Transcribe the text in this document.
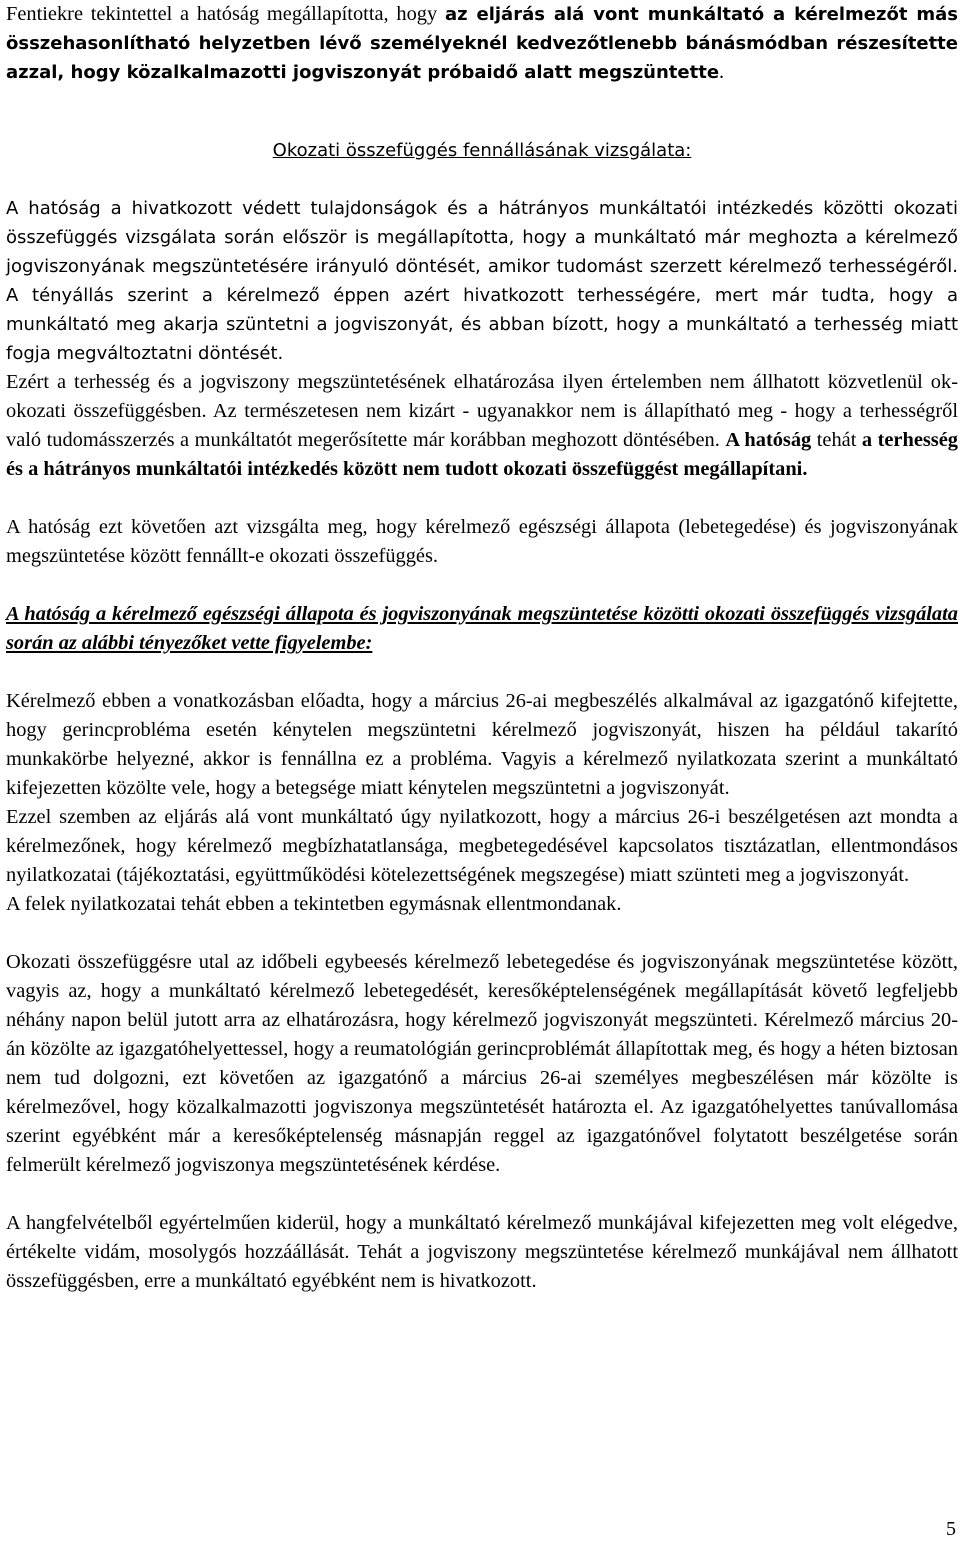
Fentiekre tekintettel a hatóság megállapította, hogy az eljárás alá vont munkáltató a kérelmezőt más összehasonlítható helyzetben lévő személyeknél kedvezőtlenebb bánásmódban részesítette azzal, hogy közalkalmazotti jogviszonyát próbaidő alatt megszüntette.

Okozati összefüggés fennállásának vizsgálata:

A hatóság a hivatkozott védett tulajdonságok és a hátrányos munkáltatói intézkedés közötti okozati összefüggés vizsgálata során először is megállapította, hogy a munkáltató már meghozta a kérelmező jogviszonyának megszüntetésére irányuló döntését, amikor tudomást szerzett kérelmező terhességéről. A tényállás szerint a kérelmező éppen azért hivatkozott terhességére, mert már tudta, hogy a munkáltató meg akarja szüntetni a jogviszonyát, és abban bízott, hogy a munkáltató a terhesség miatt fogja megváltoztatni döntését.

Ezért a terhesség és a jogviszony megszüntetésének elhatározása ilyen értelemben nem állhatott közvetlenül ok-okozati összefüggésben. Az természetesen nem kizárt - ugyanakkor nem is állapítható meg - hogy a terhességről való tudomásszerzés a munkáltatót megerősítette már korábban meghozott döntésében. A hatóság tehát a terhesség és a hátrányos munkáltatói intézkedés között nem tudott okozati összefüggést megállapítani.

A hatóság ezt követően azt vizsgálta meg, hogy kérelmező egészségi állapota (lebetegedése) és jogviszonyának megszüntetése között fennállt-e okozati összefüggés.

A hatóság a kérelmező egészségi állapota és jogviszonyának megszüntetése közötti okozati összefüggés vizsgálata során az alábbi tényezőket vette figyelembe:

Kérelmező ebben a vonatkozásban előadta, hogy a március 26-ai megbeszélés alkalmával az igazgatónő kifejtette, hogy gerincprobléma esetén kénytelen megszüntetni kérelmező jogviszonyát, hiszen ha például takarító munkakörbe helyezné, akkor is fennállna ez a probléma. Vagyis a kérelmező nyilatkozata szerint a munkáltató kifejezetten közölte vele, hogy a betegsége miatt kénytelen megszüntetni a jogviszonyát.

Ezzel szemben az eljárás alá vont munkáltató úgy nyilatkozott, hogy a március 26-i beszélgetésen azt mondta a kérelmezőnek, hogy kérelmező megbízhatatlansága, megbetegedésével kapcsolatos tisztázatlan, ellentmondásos nyilatkozatai (tájékoztatási, együttműködési kötelezettségének megszegése) miatt szünteti meg a jogviszonyát.

A felek nyilatkozatai tehát ebben a tekintetben egymásnak ellentmondanak.

Okozati összefüggésre utal az időbeli egybeesés kérelmező lebetegedése és jogviszonyának megszüntetése között, vagyis az, hogy a munkáltató kérelmező lebetegedését, keresőképtelenségének megállapítását követő legfeljebb néhány napon belül jutott arra az elhatározásra, hogy kérelmező jogviszonyát megszünteti. Kérelmező március 20-án közölte az igazgatóhelyettessel, hogy a reumatológián gerincproblémát állapítottak meg, és hogy a héten biztosan nem tud dolgozni, ezt követően az igazgatónő a március 26-ai személyes megbeszélésen már közölte is kérelmezővel, hogy közalkalmazotti jogviszonya megszüntetését határozta el. Az igazgatóhelyettes tanúvallomása szerint egyébként már a keresőképtelenség másnapján reggel az igazgatónővel folytatott beszélgetése során felmerült kérelmező jogviszonya megszüntetésének kérdése.

A hangfelvételből egyértelműen kiderül, hogy a munkáltató kérelmező munkájával kifejezetten meg volt elégedve, értékelte vidám, mosolygós hozzáállását. Tehát a jogviszony megszüntetése kérelmező munkájával nem állhatott összefüggésben, erre a munkáltató egyébként nem is hivatkozott.

5
